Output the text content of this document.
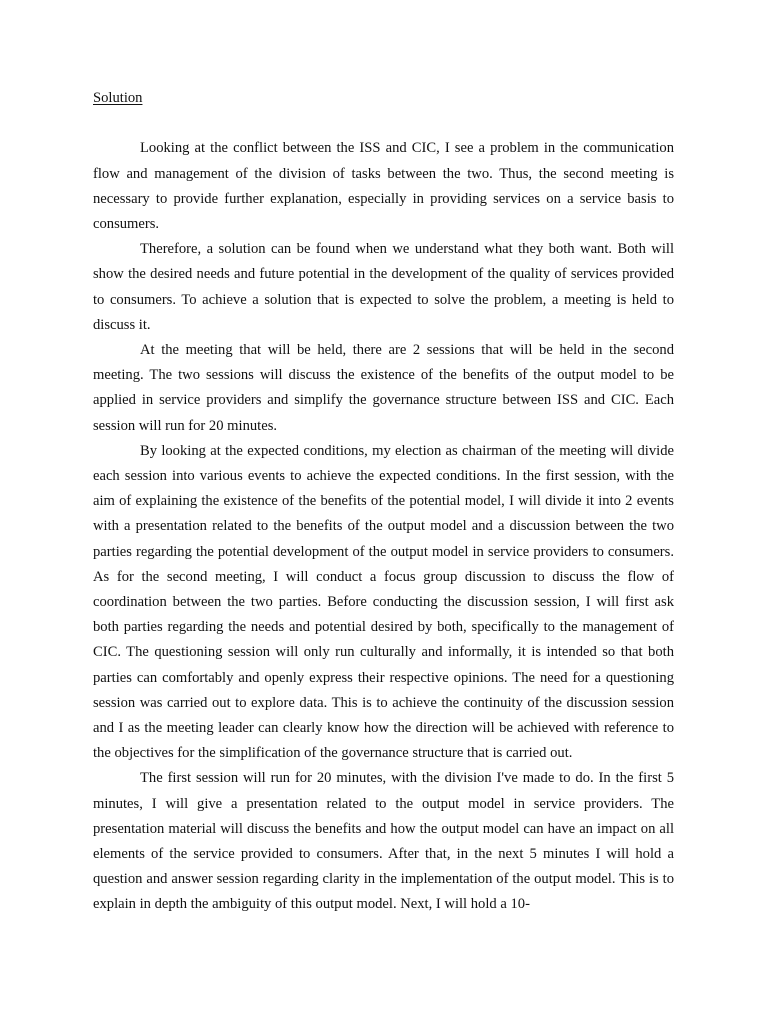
Solution

Looking at the conflict between the ISS and CIC, I see a problem in the communication flow and management of the division of tasks between the two. Thus, the second meeting is necessary to provide further explanation, especially in providing services on a service basis to consumers.

Therefore, a solution can be found when we understand what they both want. Both will show the desired needs and future potential in the development of the quality of services provided to consumers. To achieve a solution that is expected to solve the problem, a meeting is held to discuss it.

At the meeting that will be held, there are 2 sessions that will be held in the second meeting. The two sessions will discuss the existence of the benefits of the output model to be applied in service providers and simplify the governance structure between ISS and CIC. Each session will run for 20 minutes.

By looking at the expected conditions, my election as chairman of the meeting will divide each session into various events to achieve the expected conditions. In the first session, with the aim of explaining the existence of the benefits of the potential model, I will divide it into 2 events with a presentation related to the benefits of the output model and a discussion between the two parties regarding the potential development of the output model in service providers to consumers. As for the second meeting, I will conduct a focus group discussion to discuss the flow of coordination between the two parties. Before conducting the discussion session, I will first ask both parties regarding the needs and potential desired by both, specifically to the management of CIC. The questioning session will only run culturally and informally, it is intended so that both parties can comfortably and openly express their respective opinions. The need for a questioning session was carried out to explore data. This is to achieve the continuity of the discussion session and I as the meeting leader can clearly know how the direction will be achieved with reference to the objectives for the simplification of the governance structure that is carried out.

The first session will run for 20 minutes, with the division I've made to do. In the first 5 minutes, I will give a presentation related to the output model in service providers. The presentation material will discuss the benefits and how the output model can have an impact on all elements of the service provided to consumers. After that, in the next 5 minutes I will hold a question and answer session regarding clarity in the implementation of the output model. This is to explain in depth the ambiguity of this output model. Next, I will hold a 10-
